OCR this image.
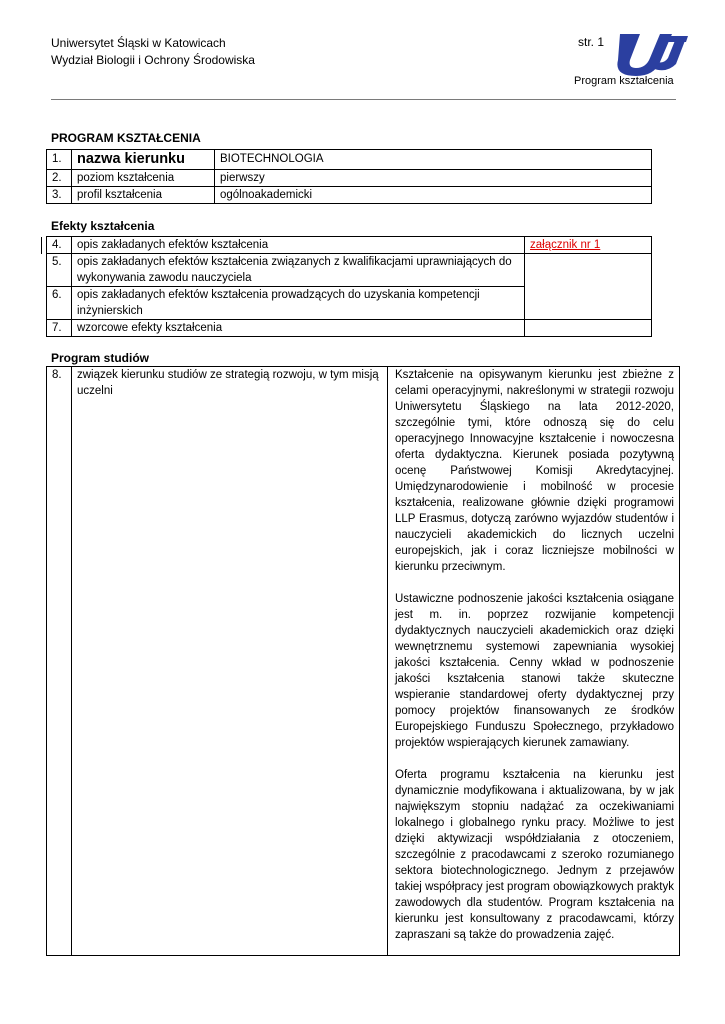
Uniwersytet Śląski w Katowicach
Wydział Biologii i Ochrony Środowiska
str. 1
Program kształcenia
PROGRAM KSZTAŁCENIA
1.	nazwa kierunku	BIOTECHNOLOGIA
2.	poziom kształcenia	pierwszy
3.	profil kształcenia	ogólnoakademicki
Efekty kształcenia
4.	opis zakładanych efektów kształcenia	załącznik nr 1
5.	opis zakładanych efektów kształcenia związanych z kwalifikacjami uprawniających do wykonywania zawodu nauczyciela	
6.	opis zakładanych efektów kształcenia prowadzących do uzyskania kompetencji inżynierskich	
7.	wzorcowe efekty kształcenia	
Program studiów
8.	związek kierunku studiów ze strategią rozwoju, w tym misją uczelni	

Kształcenie na opisywanym kierunku jest zbieżne z celami operacyjnymi, nakreślonymi w strategii rozwoju Uniwersytetu Śląskiego na lata 2012-2020, szczególnie tymi, które odnoszą się do celu operacyjnego Innowacyjne kształcenie i nowoczesna oferta dydaktyczna. Kierunek posiada pozytywną ocenę Państwowej Komisji Akredytacyjnej. Umiędzynarodowienie i mobilność w procesie kształcenia, realizowane głównie dzięki programowi LLP Erasmus, dotyczą zarówno wyjazdów studentów i nauczycieli akademickich do licznych uczelni europejskich, jak i coraz liczniejsze mobilności w kierunku przeciwnym.

Ustawiczne podnoszenie jakości kształcenia osiągane jest m. in. poprzez rozwijanie kompetencji dydaktycznych nauczycieli akademickich oraz dzięki wewnętrznemu systemowi zapewniania wysokiej jakości kształcenia. Cenny wkład w podnoszenie jakości kształcenia stanowi także skuteczne wspieranie standardowej oferty dydaktycznej przy pomocy projektów finansowanych ze środków Europejskiego Funduszu Społecznego, przykładowo projektów wspierających kierunek zamawiany.

Oferta programu kształcenia na kierunku jest dynamicznie modyfikowana i aktualizowana, by w jak największym stopniu nadążać za oczekiwaniami lokalnego i globalnego rynku pracy. Możliwe to jest dzięki aktywizacji współdziałania z otoczeniem, szczególnie z pracodawcami z szeroko rozumianego sektora biotechnologicznego. Jednym z przejawów takiej współpracy jest program obowiązkowych praktyk zawodowych dla studentów. Program kształcenia na kierunku jest konsultowany z pracodawcami, którzy zapraszani są także do prowadzenia zajęć.
